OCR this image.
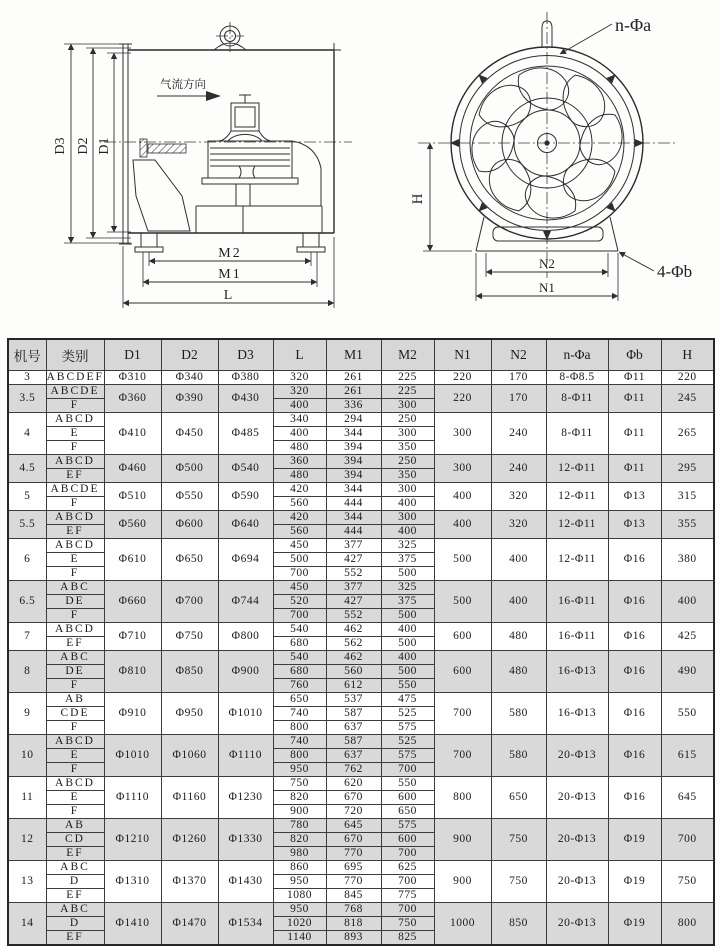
气流方向
D3 D2 D1
M2
M1
L
n-Φa
H
N2
N1
4-Φb
机号	类别	D1	D2	D3	L	M1	M2	N1	N2	n-Φa	Φb	H
3	ABCDEF	Φ310	Φ340	Φ380	320	261	225	220	170	8-Φ8.5	Φ11	220
3.5	ABCDE	Φ360	Φ390	Φ430	320	261	225	220	170	8-Φ11	Φ11	245
	F				400	336	300					
4	ABCD	Φ410	Φ450	Φ485	340	294	250	300	240	8-Φ11	Φ11	265
	E				400	344	300					
	F				480	394	350					
4.5	ABCD	Φ460	Φ500	Φ540	360	394	250	300	240	12-Φ11	Φ11	295
	EF				480	394	350					
5	ABCDE	Φ510	Φ550	Φ590	420	344	300	400	320	12-Φ11	Φ13	315
	F				560	444	400					
5.5	ABCD	Φ560	Φ600	Φ640	420	344	300	400	320	12-Φ11	Φ13	355
	EF				560	444	400					
6	ABCD	Φ610	Φ650	Φ694	450	377	325	500	400	12-Φ11	Φ16	380
	E				500	427	375					
	F				700	552	500					
6.5	ABC	Φ660	Φ700	Φ744	450	377	325	500	400	16-Φ11	Φ16	400
	DE				520	427	375					
	F				700	552	500					
7	ABCD	Φ710	Φ750	Φ800	540	462	400	600	480	16-Φ11	Φ16	425
	EF				680	562	500					
8	ABC	Φ810	Φ850	Φ900	540	462	400	600	480	16-Φ13	Φ16	490
	DE				680	560	500					
	F				760	612	550					
9	AB	Φ910	Φ950	Φ1010	650	537	475	700	580	16-Φ13	Φ16	550
	CDE				740	587	525					
	F				800	637	575					
10	ABCD	Φ1010	Φ1060	Φ1110	740	587	525	700	580	20-Φ13	Φ16	615
	E				800	637	575					
	F				950	762	700					
11	ABCD	Φ1110	Φ1160	Φ1230	750	620	550	800	650	20-Φ13	Φ16	645
	E				820	670	600					
	F				900	720	650					
12	AB	Φ1210	Φ1260	Φ1330	780	645	575	900	750	20-Φ13	Φ19	700
	CD				820	670	600					
	EF				980	770	700					
13	ABC	Φ1310	Φ1370	Φ1430	860	695	625	900	750	20-Φ13	Φ19	750
	D				950	770	700					
	EF				1080	845	775					
14	ABC	Φ1410	Φ1470	Φ1534	950	768	700	1000	850	20-Φ13	Φ19	800
	D				1020	818	750					
	EF				1140	893	825					
